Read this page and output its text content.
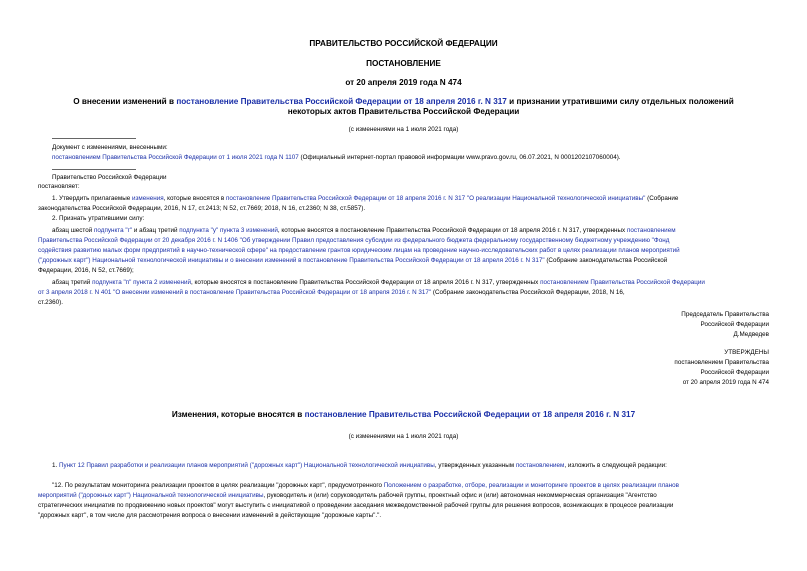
ПРАВИТЕЛЬСТВО РОССИЙСКОЙ ФЕДЕРАЦИИ
ПОСТАНОВЛЕНИЕ
от 20 апреля 2019 года N 474
О внесении изменений в постановление Правительства Российской Федерации от 18 апреля 2016 г. N 317 и признании утратившими силу отдельных положений
некоторых актов Правительства Российской Федерации
(с изменениями на 1 июля 2021 года)
Документ с изменениями, внесенными:
постановлением Правительства Российской Федерации от 1 июля 2021 года N 1107 (Официальный интернет-портал правовой информации www.pravo.gov.ru, 06.07.2021, N 0001202107060004).
Правительство Российской Федерации
постановляет:
1. Утвердить прилагаемые изменения, которые вносятся в постановление Правительства Российской Федерации от 18 апреля 2016 г. N 317 "О реализации Национальной технологической инициативы" (Собрание
законодательства Российской Федерации, 2016, N 17, ст.2413; N 52, ст.7669; 2018, N 16, ст.2360; N 38, ст.5857).
2. Признать утратившими силу:
абзац шестой подпункта "г" и абзац третий подпункта "у" пункта 3 изменений, которые вносятся в постановление Правительства Российской Федерации от 18 апреля 2016 г. N 317, утвержденных постановлением
Правительства Российской Федерации от 20 декабря 2016 г. N 1406 "Об утверждении Правил предоставления субсидии из федерального бюджета федеральному государственному бюджетному учреждению "Фонд
содействия развитию малых форм предприятий в научно-технической сфере" на предоставление грантов юридическим лицам на проведение научно-исследовательских работ в целях реализации планов мероприятий
("дорожных карт") Национальной технологической инициативы и о внесении изменений в постановление Правительства Российской Федерации от 18 апреля 2016 г. N 317" (Собрание законодательства Российской
Федерации, 2016, N 52, ст.7669);
абзац третий подпункта "п" пункта 2 изменений, которые вносятся в постановление Правительства Российской Федерации от 18 апреля 2016 г. N 317, утвержденных постановлением Правительства Российской Федерации
от 3 апреля 2018 г. N 401 "О внесении изменений в постановление Правительства Российской Федерации от 18 апреля 2016 г. N 317" (Собрание законодательства Российской Федерации, 2018, N 16,
ст.2360).
Председатель Правительства
Российской Федерации
Д.Медведев
УТВЕРЖДЕНЫ
постановлением Правительства
Российской Федерации
от 20 апреля 2019 года N 474
Изменения, которые вносятся в постановление Правительства Российской Федерации от 18 апреля 2016 г. N 317
(с изменениями на 1 июля 2021 года)
1. Пункт 12 Правил разработки и реализации планов мероприятий ("дорожных карт") Национальной технологической инициативы, утвержденных указанным постановлением, изложить в следующей редакции:
"12. По результатам мониторинга реализации проектов в целях реализации "дорожных карт", предусмотренного Положением о разработке, отборе, реализации и мониторинге проектов в целях реализации планов
мероприятий ("дорожных карт") Национальной технологической инициативы, руководитель и (или) соруководитель рабочей группы, проектный офис и (или) автономная некоммерческая организация "Агентство
стратегических инициатив по продвижению новых проектов" могут выступить с инициативой о проведении заседания межведомственной рабочей группы для решения вопросов, возникающих в процессе реализации
"дорожных карт", в том числе для рассмотрения вопроса о внесении изменений в действующие "дорожные карты".".
